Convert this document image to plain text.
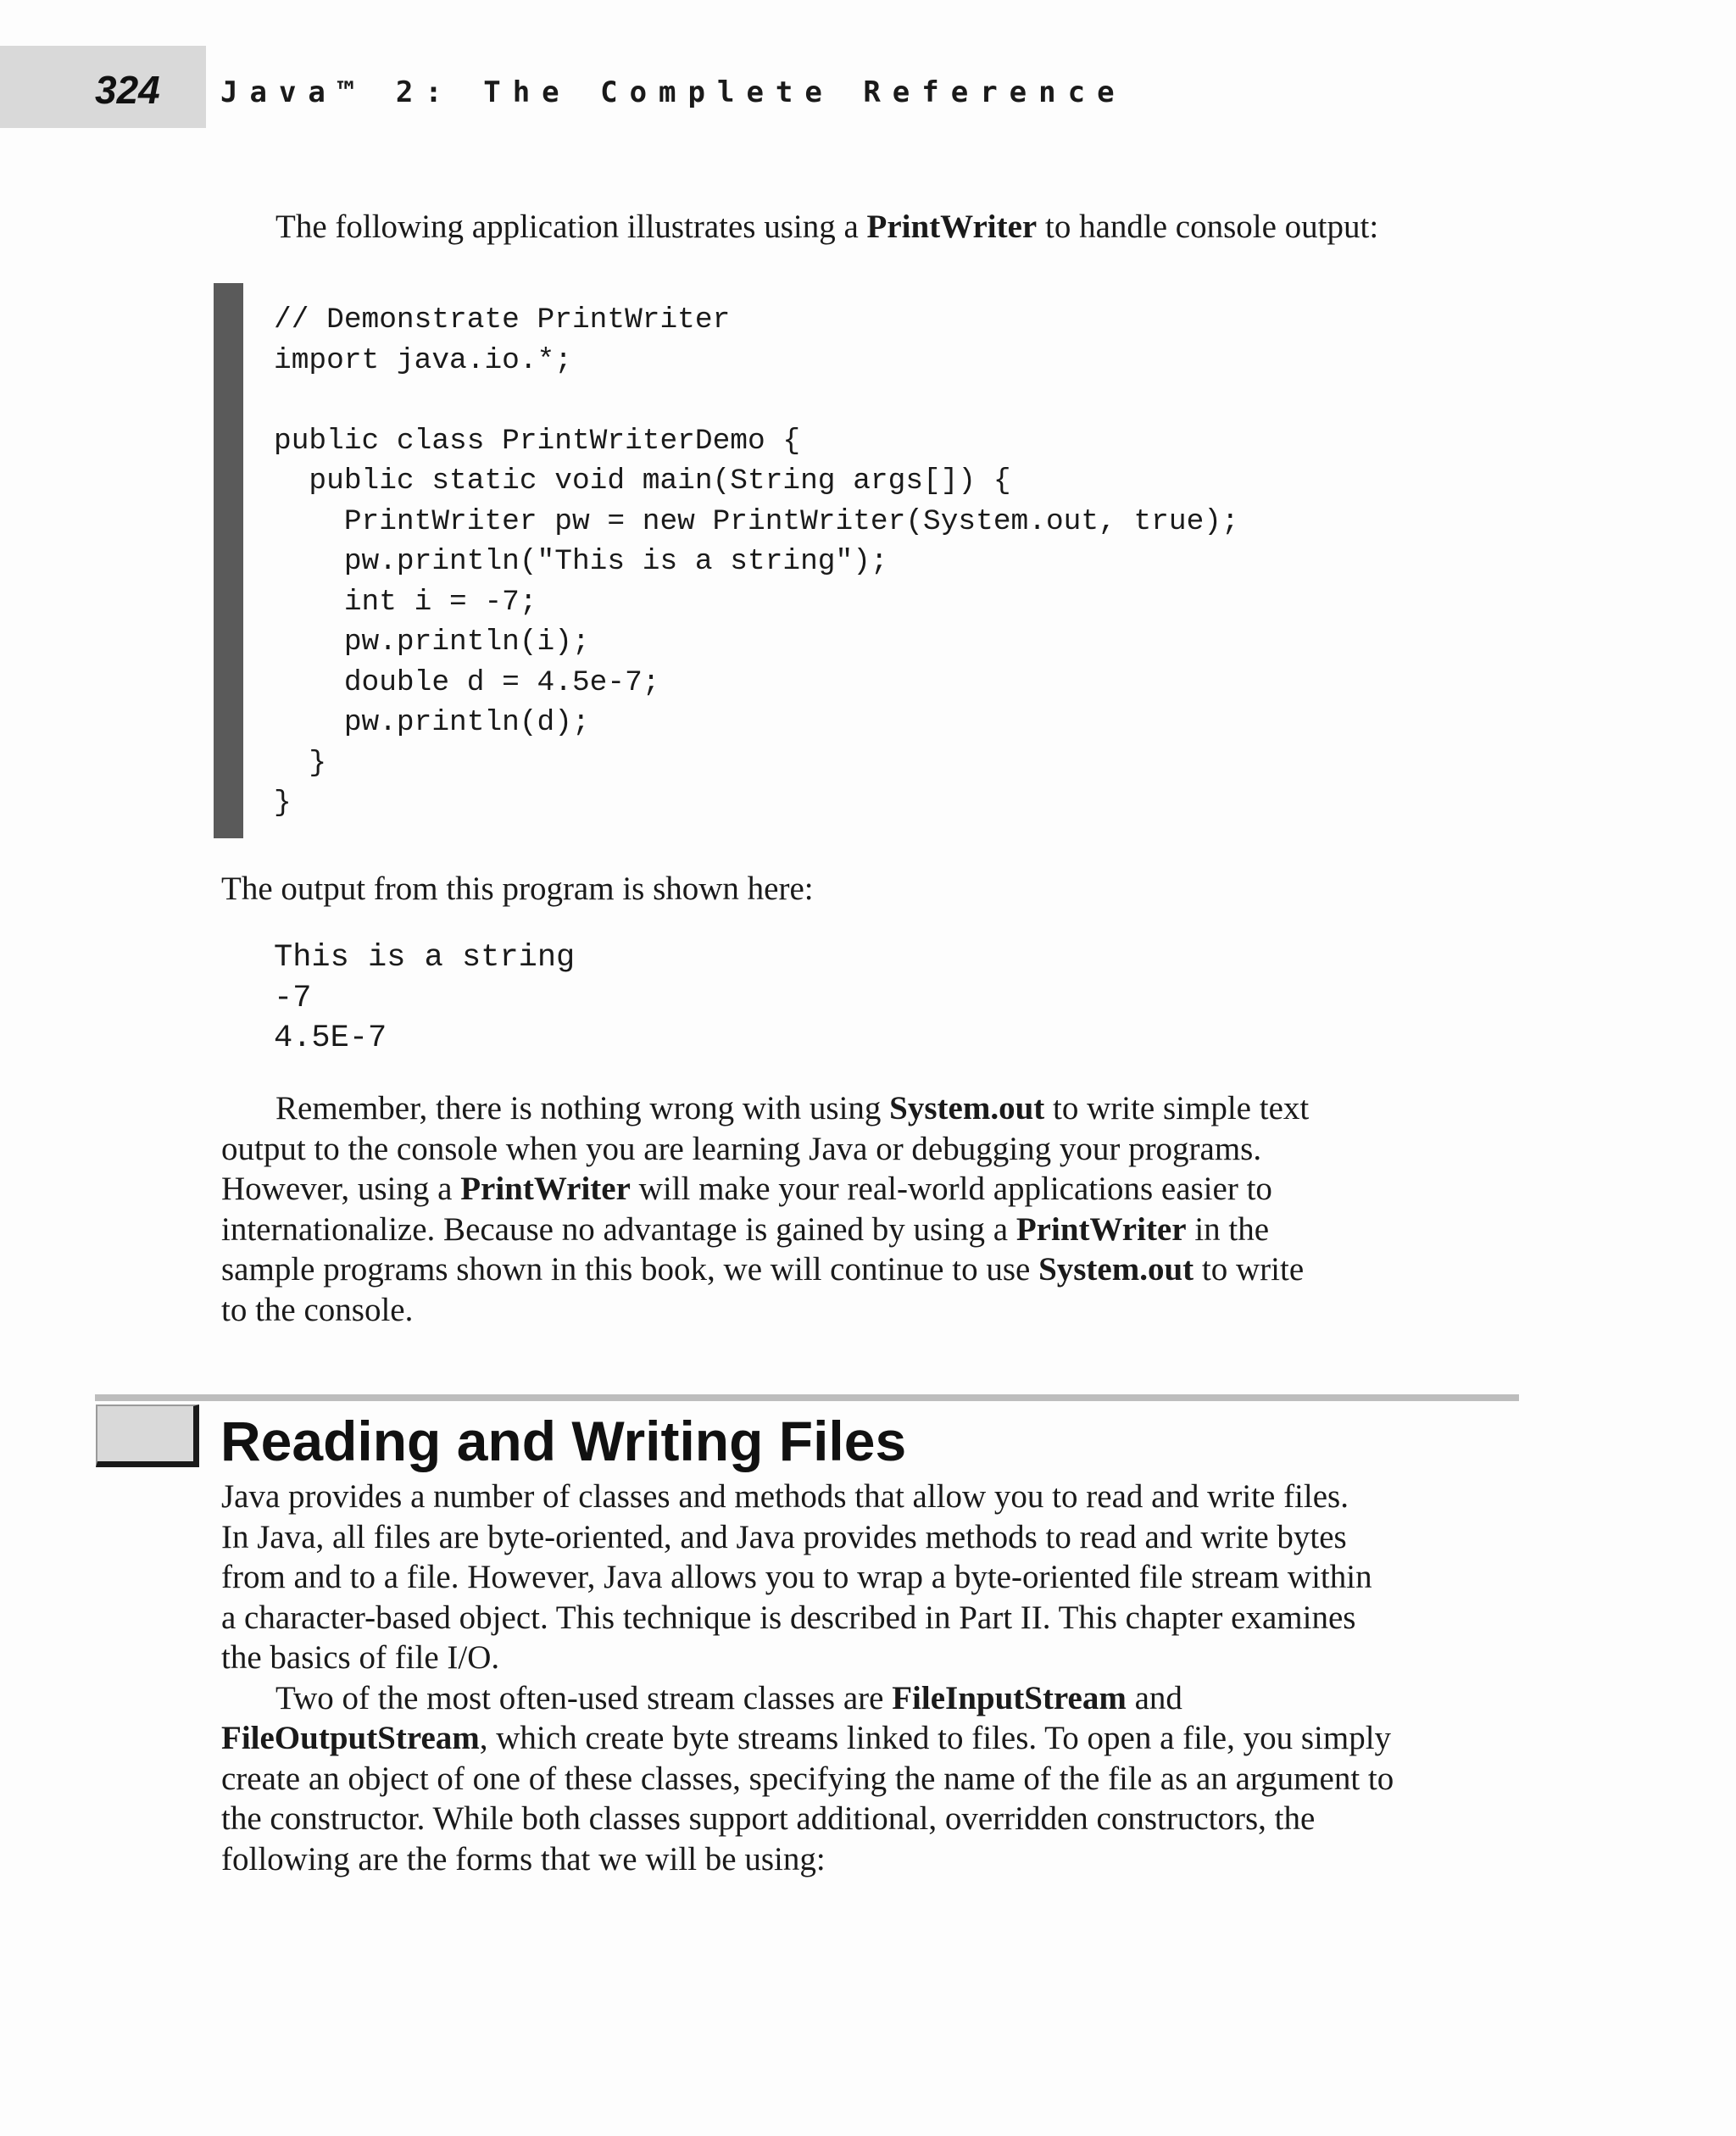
324 Java™ 2: The Complete Reference
The following application illustrates using a PrintWriter to handle console output:
// Demonstrate PrintWriter
import java.io.*;
public class PrintWriterDemo {
public static void main(String args[]) {
PrintWriter pw = new PrintWriter(System.out, true);
pw.println("This is a string");
int i = -7;
pw.println(i);
double d = 4.5e-7;
pw.println(d);
}
}
The output from this program is shown here:
This is a string
-7
4.5E-7
Remember, there is nothing wrong with using System.out to write simple text
output to the console when you are learning Java or debugging your programs.
However, using a PrintWriter will make your real-world applications easier to
internationalize. Because no advantage is gained by using a PrintWriter in the
sample programs shown in this book, we will continue to use System.out to write
to the console.
Reading and Writing Files
Java provides a number of classes and methods that allow you to read and write files.
In Java, all files are byte-oriented, and Java provides methods to read and write bytes
from and to a file. However, Java allows you to wrap a byte-oriented file stream within
a character-based object. This technique is described in Part II. This chapter examines
the basics of file I/O.
Two of the most often-used stream classes are FileInputStream and
FileOutputStream, which create byte streams linked to files. To open a file, you simply
create an object of one of these classes, specifying the name of the file as an argument to
the constructor. While both classes support additional, overridden constructors, the
following are the forms that we will be using:
